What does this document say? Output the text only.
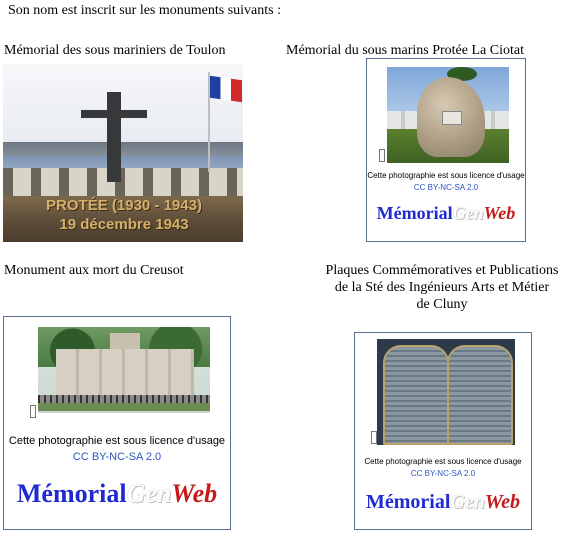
Son nom est inscrit sur les monuments suivants :
Mémorial des sous mariniers de Toulon
PROTÉE (1930 - 1943)
19 décembre 1943
Mémorial du sous marins Protée La Ciotat
Cette photographie est sous licence d'usage
CC BY-NC-SA 2.0
MémorialGenWeb
Monument aux mort du Creusot
Cette photographie est sous licence d'usage
CC BY-NC-SA 2.0
MémorialGenWeb
Plaques Commémoratives et Publications
de la Sté des Ingénieurs Arts et Métier
de Cluny
Cette photographie est sous licence d'usage
CC BY-NC-SA 2.0
MémorialGenWeb
